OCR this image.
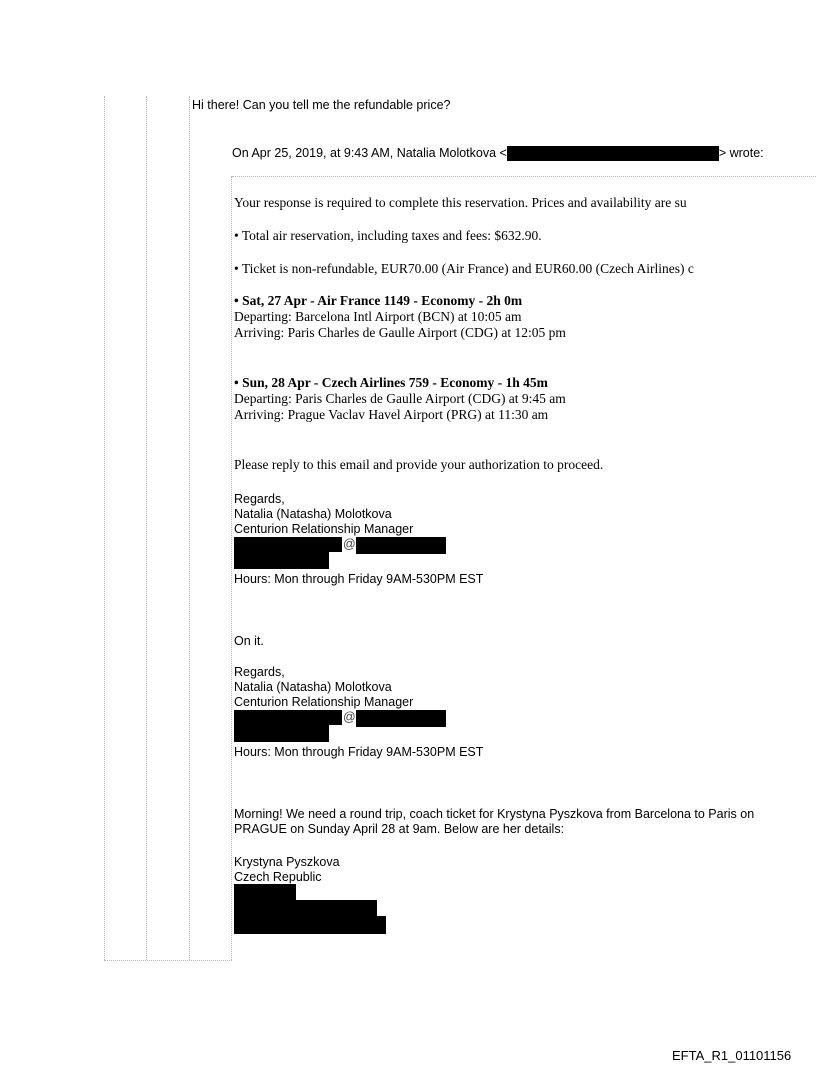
Hi there! Can you tell me the refundable price?
On Apr 25, 2019, at 9:43 AM, Natalia Molotkova <	> wrote:
Your response is required to complete this reservation. Prices and availability are su
• Total air reservation, including taxes and fees: $632.90.
• Ticket is non-refundable, EUR70.00 (Air France) and EUR60.00 (Czech Airlines) c
• Sat, 27 Apr - Air France 1149 - Economy - 2h 0m
Departing: Barcelona Intl Airport (BCN) at 10:05 am
Arriving: Paris Charles de Gaulle Airport (CDG) at 12:05 pm
• Sun, 28 Apr - Czech Airlines 759 - Economy - 1h 45m
Departing: Paris Charles de Gaulle Airport (CDG) at 9:45 am
Arriving: Prague Vaclav Havel Airport (PRG) at 11:30 am
Please reply to this email and provide your authorization to proceed.
Regards,
Natalia (Natasha) Molotkova
Centurion Relationship Manager
@
Hours: Mon through Friday 9AM-530PM EST
On it.
Regards,
Natalia (Natasha) Molotkova
Centurion Relationship Manager
@
Hours: Mon through Friday 9AM-530PM EST
Morning! We need a round trip, coach ticket for Krystyna Pyszkova from Barcelona to Paris on
PRAGUE on Sunday April 28 at 9am. Below are her details:
Krystyna Pyszkova
Czech Republic
EFTA_R1_01101156
